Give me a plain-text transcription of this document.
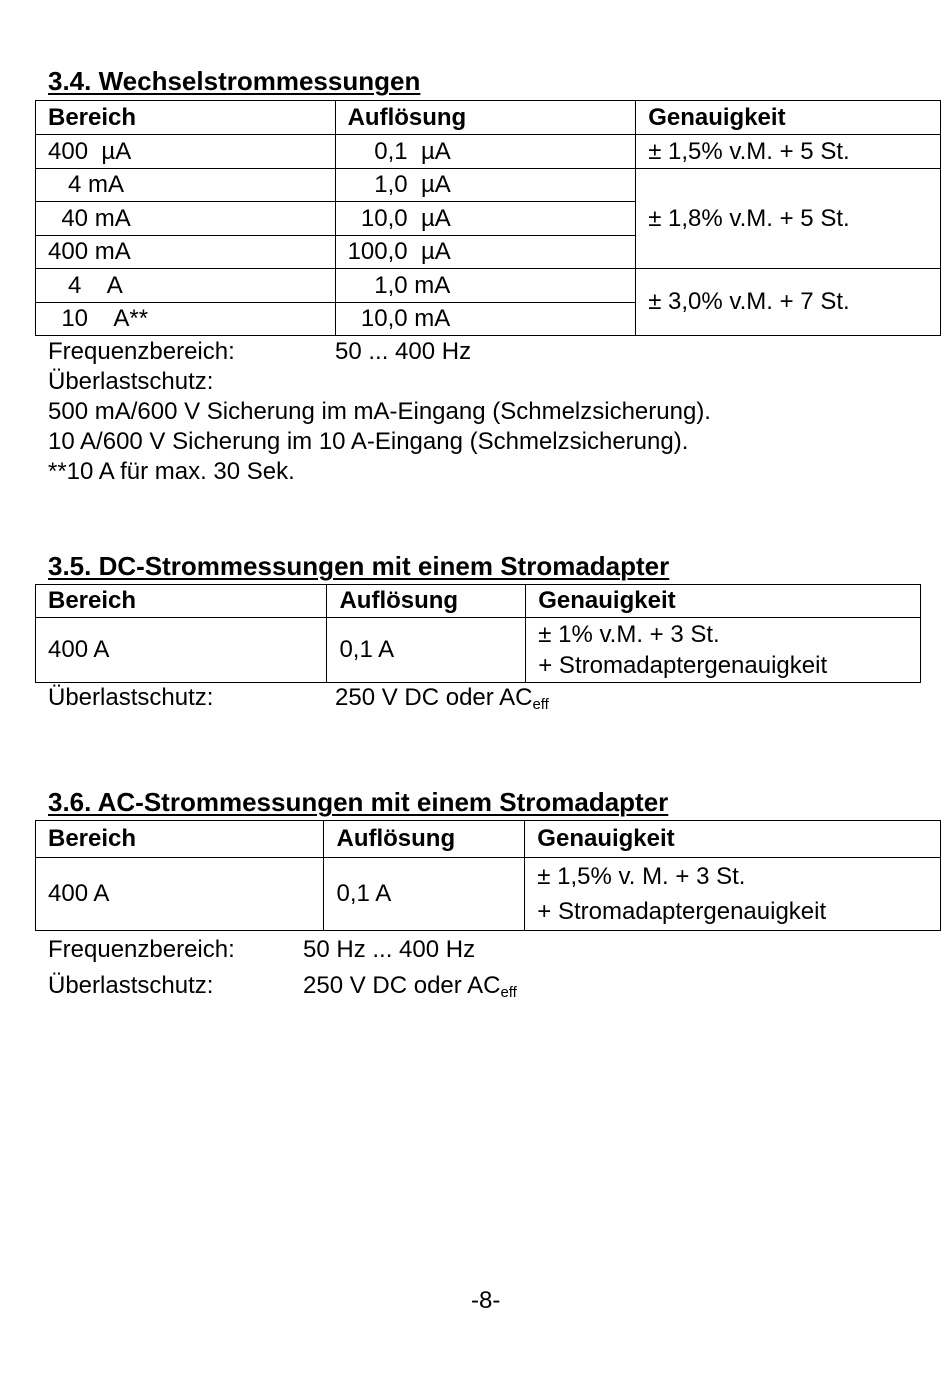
3.4. Wechselstrommessungen
Bereich	Auflösung	Genauigkeit
400  µA	0,1  µA	± 1,5% v.M. + 5 St.
4 mA	1,0  µA	± 1,8% v.M. + 5 St.
40 mA	10,0  µA	
400 mA	100,0  µA	
4    A	1,0 mA	± 3,0% v.M. + 7 St.
10    A**	10,0 mA	
Frequenzbereich:	50 ... 400 Hz
Überlastschutz:
500 mA/600 V Sicherung im mA-Eingang (Schmelzsicherung).
10 A/600 V Sicherung im 10 A-Eingang (Schmelzsicherung).
**10 A für max. 30 Sek.
3.5. DC-Strommessungen mit einem Stromadapter
Bereich	Auflösung	Genauigkeit
400 A	0,1 A	± 1% v.M. + 3 St.
+ Stromadaptergenauigkeit
Überlastschutz:	250 V DC oder $AC_{eff}$
3.6. AC-Strommessungen mit einem Stromadapter
Bereich	Auflösung	Genauigkeit
400 A	0,1 A	± 1,5% v. M. + 3 St.
+ Stromadaptergenauigkeit
Frequenzbereich:	50 Hz ... 400 Hz
Überlastschutz:	250 V DC oder $AC_{eff}$
-8-
